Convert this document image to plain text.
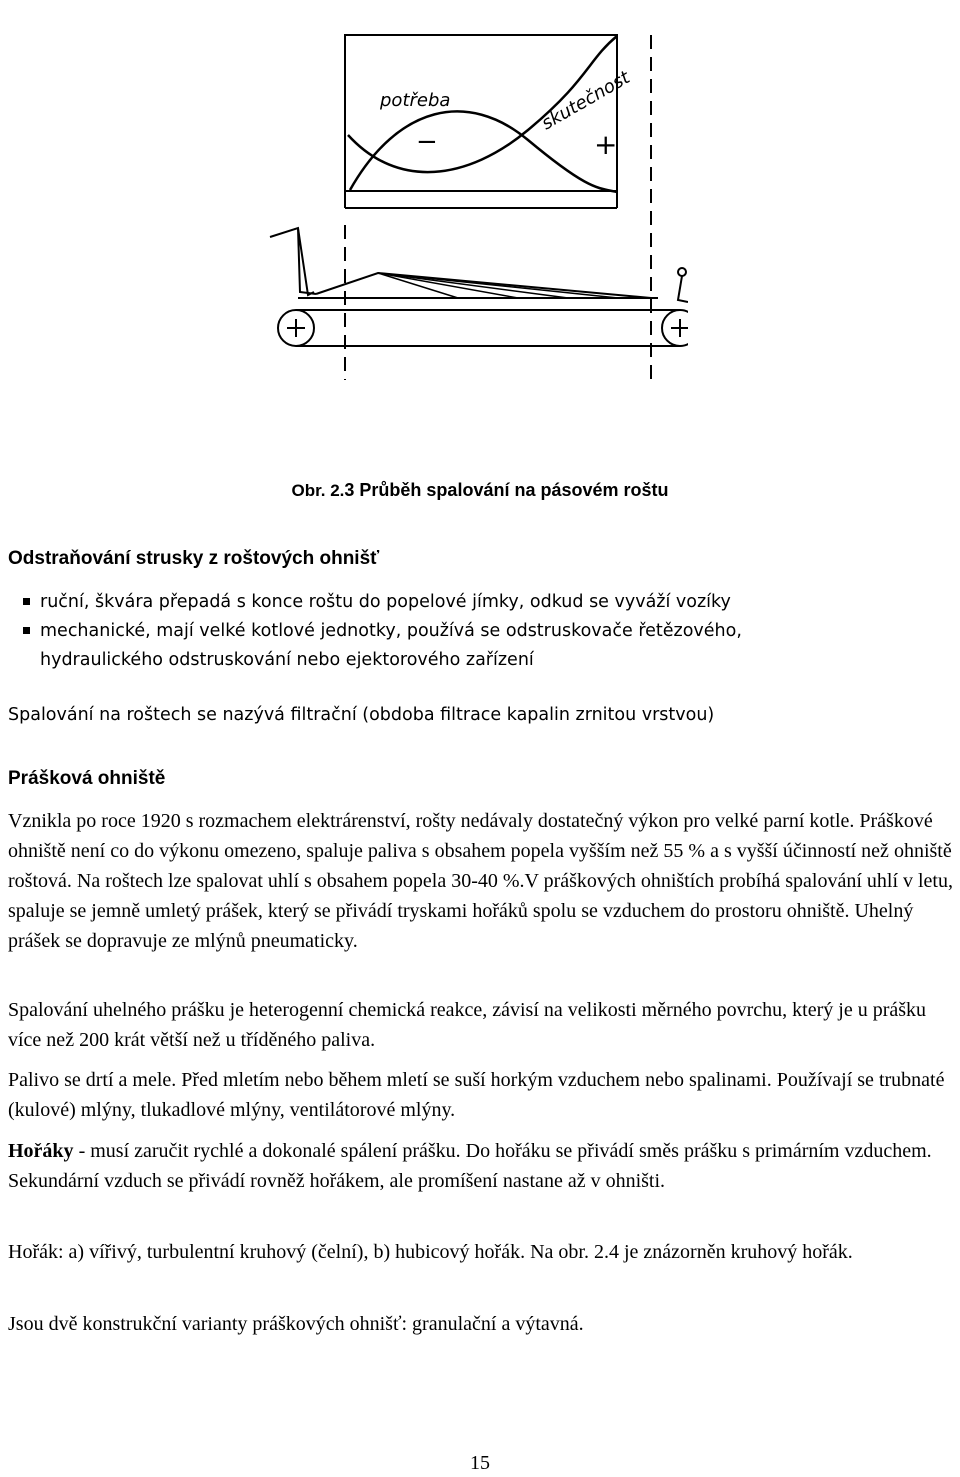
potřeba	skutečnost
−	+
Obr. 2.3 Průběh spalování na pásovém roštu
Odstraňování strusky z roštových ohnišť
ruční, škvára přepadá s konce roštu do popelové jímky, odkud se vyváží vozíky
mechanické, mají velké kotlové jednotky, používá se odstruskovače řetězového,
hydraulického odstruskování nebo ejektorového zařízení

Spalování na roštech se nazývá filtrační (obdoba filtrace kapalin zrnitou vrstvou)

Prášková ohniště

Vznikla po roce 1920 s rozmachem elektrárenství, rošty nedávaly dostatečný výkon pro velké parní kotle. Práškové ohniště není co do výkonu omezeno, spaluje paliva s obsahem popela vyšším než 55 % a s vyšší účinností než ohniště roštová. Na roštech lze spalovat uhlí s obsahem popela 30-40 %.V práškových ohništích probíhá spalování uhlí v letu, spaluje se jemně umletý prášek, který se přivádí tryskami hořáků spolu se vzduchem do prostoru ohniště. Uhelný prášek se dopravuje ze mlýnů pneumaticky.

Spalování uhelného prášku je heterogenní chemická reakce, závisí na velikosti měrného povrchu, který je u prášku více než 200 krát větší než u tříděného paliva.

Palivo se drtí a mele. Před mletím nebo během mletí se suší horkým vzduchem nebo spalinami. Používají se trubnaté (kulové) mlýny, tlukadlové mlýny, ventilátorové mlýny.

Hořáky - musí zaručit rychlé a dokonalé spálení prášku. Do hořáku se přivádí směs prášku s primárním vzduchem. Sekundární vzduch se přivádí rovněž hořákem, ale promíšení nastane až v ohništi.

Hořák: a) vířivý, turbulentní kruhový (čelní), b) hubicový hořák. Na obr. 2.4 je znázorněn kruhový hořák.

Jsou dvě konstrukční varianty práškových ohnišť: granulační a výtavná.

15
